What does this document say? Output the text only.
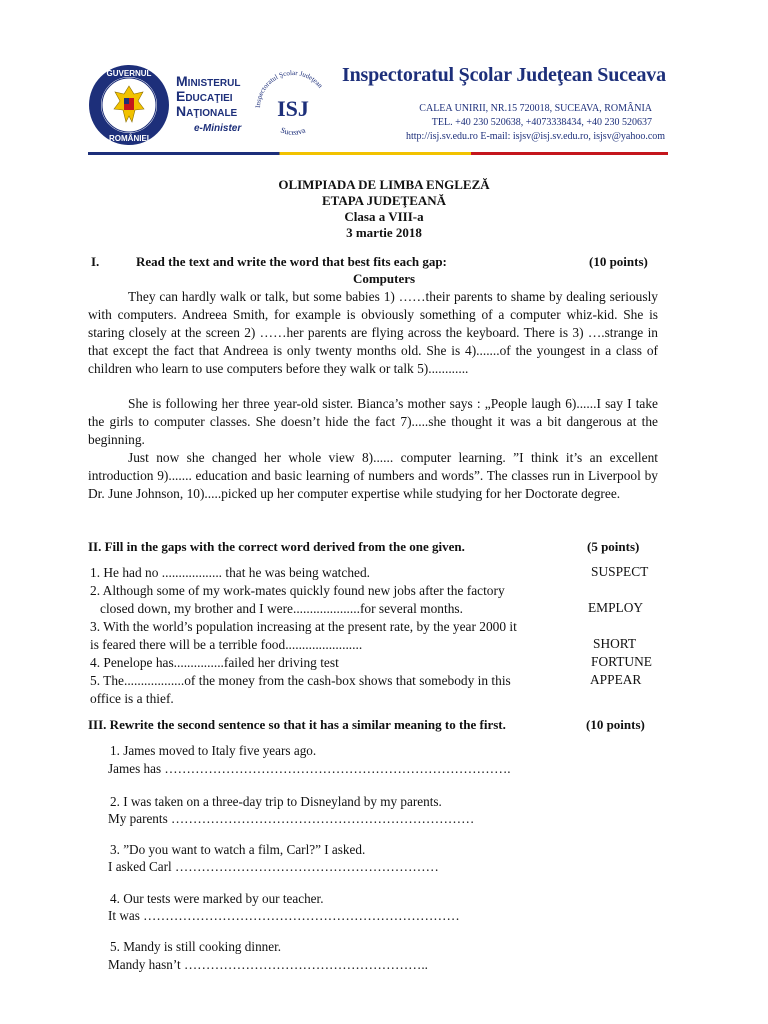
GUVERNUL
ROMÂNIEI
Ministerul
Educaţiei
Naţionale
e-Minister
Inspectoratul Şcolar Judeţean
Suceava
ISJ
Inspectoratul Şcolar Judeţean Suceava
CALEA UNIRII, NR.15 720018, SUCEAVA, ROMÂNIA
TEL. +40 230 520638, +4073338434, +40 230 520637
http://isj.sv.edu.ro E-mail: isjsv@isj.sv.edu.ro, isjsv@yahoo.com
OLIMPIADA DE LIMBA ENGLEZĂ
ETAPA JUDEŢEANĂ
Clasa a VIII-a
3 martie 2018
I.	Read the text and write the word that best fits each gap:	(10 points)
Computers
They can hardly walk or talk, but some babies 1) ……their parents to shame by dealing seriously with computers. Andreea Smith, for example is obviously something of a computer whiz-kid. She is staring closely at the screen 2) ……her parents are flying across the keyboard. There is 3) ….strange in that except the fact that Andreea is only twenty months old. She is 4).......of the youngest in a class of children who learn to use computers before they walk or talk 5)............
She is following her three year-old sister. Bianca’s mother says : „People laugh 6)......I say I take the girls to computer classes. She doesn’t hide the fact 7).....she thought it was a bit dangerous at the beginning.
Just now she changed her whole view 8)...... computer learning. ”I think it’s an excellent introduction 9)....... education and basic learning of numbers and words”. The classes run in Liverpool by Dr. June Johnson, 10).....picked up her computer expertise while studying for her Doctorate degree.
II. Fill in the gaps with the correct word derived from the one given.	(5 points)
1. He had no .................. that he was being watched.	SUSPECT
2. Although some of my work-mates quickly found new jobs after the factory
closed down, my brother and I were....................for several months.	EMPLOY
3. With the world’s population increasing at the present rate, by the year 2000 it
is feared there will be a terrible food.......................	SHORT
4. Penelope has...............failed her driving test	FORTUNE
5. The..................of the money from the cash-box shows that somebody in this	APPEAR
office is a thief.
III. Rewrite the second sentence so that it has a similar meaning to the first.	(10 points)
1. James moved to Italy five years ago.
James has …………………………………………………………………….
2. I was taken on a three-day trip to Disneyland by my parents.
My parents ……………………………………………………………
3. ”Do you want to watch a film, Carl?” I asked.
I asked Carl ……………………………………………………
4. Our tests were marked by our teacher.
It was ………………………………………………………………
5. Mandy is still cooking dinner.
Mandy hasn’t ………………………………………………..
